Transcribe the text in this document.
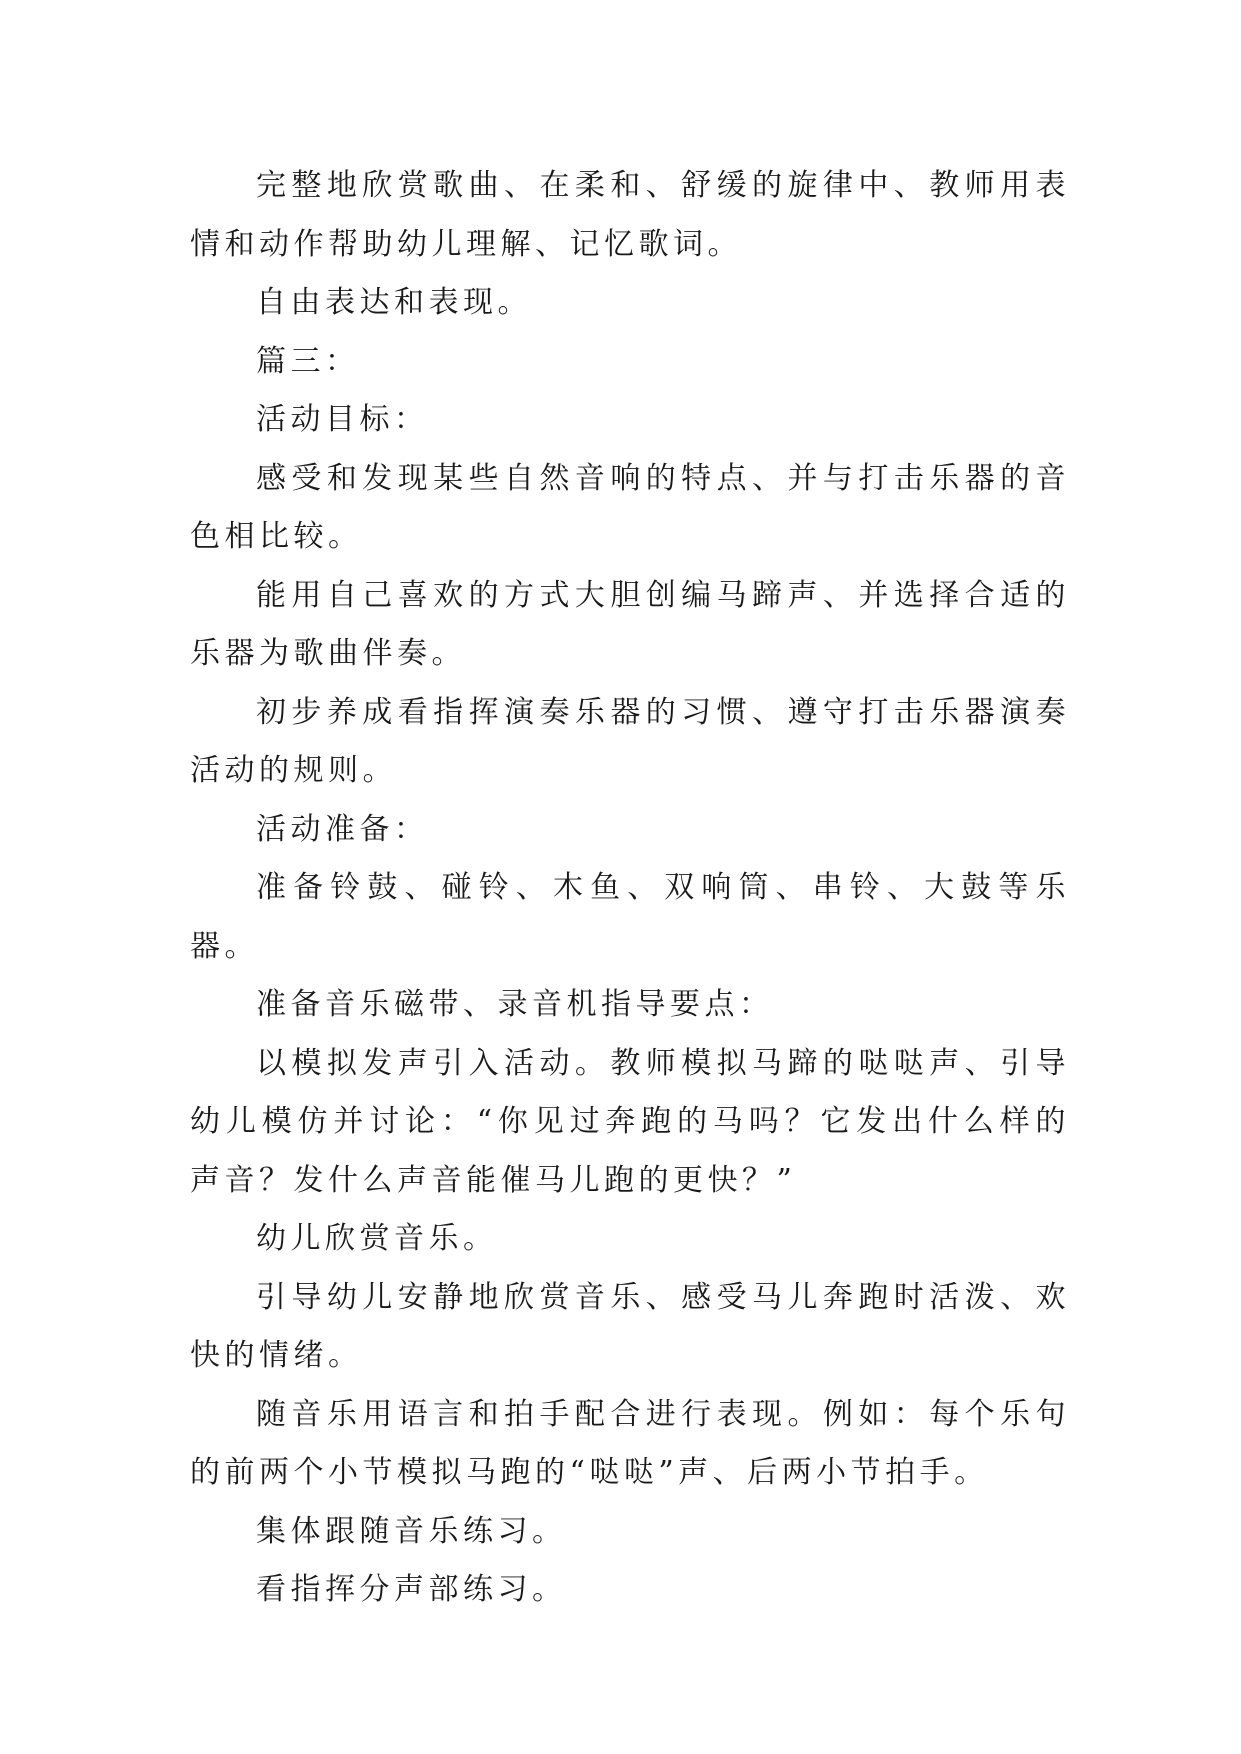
完整地欣赏歌曲、在柔和、舒缓的旋律中、教师用表情和动作帮助幼儿理解、记忆歌词。

自由表达和表现。

篇三：

活动目标：

感受和发现某些自然音响的特点、并与打击乐器的音色相比较。

能用自己喜欢的方式大胆创编马蹄声、并选择合适的乐器为歌曲伴奏。

初步养成看指挥演奏乐器的习惯、遵守打击乐器演奏活动的规则。

活动准备：

准备铃鼓、碰铃、木鱼、双响筒、串铃、大鼓等乐器。

准备音乐磁带、录音机指导要点：

以模拟发声引入活动。教师模拟马蹄的哒哒声、引导幼儿模仿并讨论：“你见过奔跑的马吗？它发出什么样的声音？发什么声音能催马儿跑的更快？”

幼儿欣赏音乐。

引导幼儿安静地欣赏音乐、感受马儿奔跑时活泼、欢快的情绪。

随音乐用语言和拍手配合进行表现。例如：每个乐句的前两个小节模拟马跑的“哒哒”声、后两小节拍手。

集体跟随音乐练习。

看指挥分声部练习。
